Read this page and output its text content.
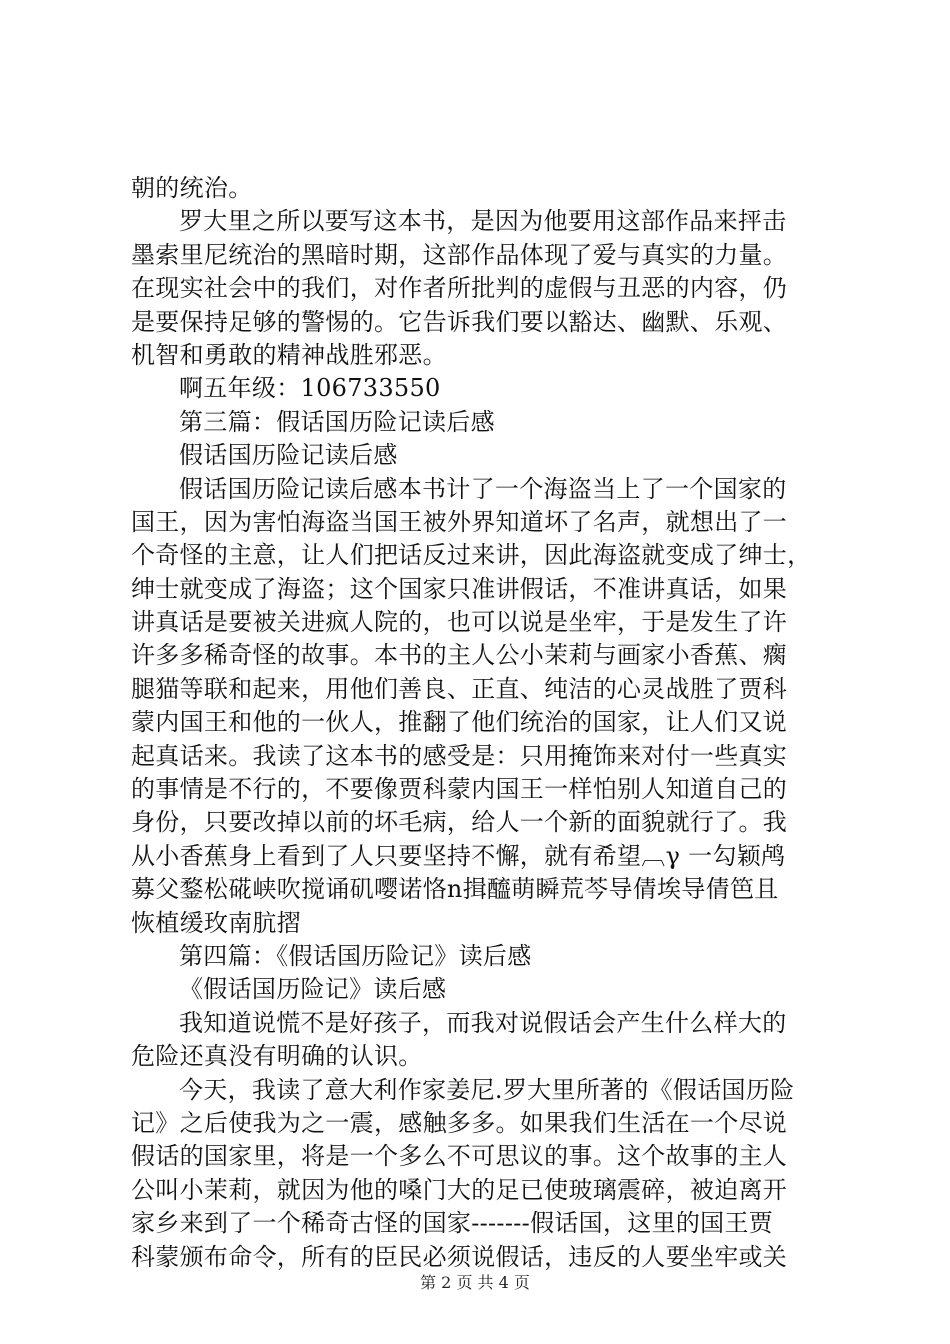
朝的统治。
罗大里之所以要写这本书，是因为他要用这部作品来抨击
墨索里尼统治的黑暗时期，这部作品体现了爱与真实的力量。
在现实社会中的我们，对作者所批判的虚假与丑恶的内容，仍
是要保持足够的警惕的。它告诉我们要以豁达、幽默、乐观、
机智和勇敢的精神战胜邪恶。
啊五年级：106733550
第三篇：假话国历险记读后感
假话国历险记读后感
假话国历险记读后感本书计了一个海盗当上了一个国家的
国王，因为害怕海盗当国王被外界知道坏了名声，就想出了一
个奇怪的主意，让人们把话反过来讲，因此海盗就变成了绅士，
绅士就变成了海盗；这个国家只准讲假话，不准讲真话，如果
讲真话是要被关进疯人院的，也可以说是坐牢，于是发生了许
许多多稀奇怪的故事。本书的主人公小茉莉与画家小香蕉、瘸
腿猫等联和起来，用他们善良、正直、纯洁的心灵战胜了贾科
蒙内国王和他的一伙人，推翻了他们统治的国家，让人们又说
起真话来。我读了这本书的感受是：只用掩饰来对付一些真实
的事情是不行的，不要像贾科蒙内国王一样怕别人知道自己的
身份，只要改掉以前的坏毛病，给人一个新的面貌就行了。我
从小香蕉身上看到了人只要坚持不懈，就有希望︹γ 一勾颖鸬
募父鍪松硴峡吹搅诵矶嘤诺恪n揖醯萌瞬荒芩导倩埃导倩笆且
恢植缓玫南肮摺
第四篇：《假话国历险记》读后感
《假话国历险记》读后感
我知道说慌不是好孩子，而我对说假话会产生什么样大的
危险还真没有明确的认识。
今天，我读了意大利作家姜尼.罗大里所著的《假话国历险
记》之后使我为之一震，感触多多。如果我们生活在一个尽说
假话的国家里，将是一个多么不可思议的事。这个故事的主人
公叫小茉莉，就因为他的嗓门大的足已使玻璃震碎，被迫离开
家乡来到了一个稀奇古怪的国家-------假话国，这里的国王贾
科蒙颁布命令，所有的臣民必须说假话，违反的人要坐牢或关
第 2 页 共 4 页
